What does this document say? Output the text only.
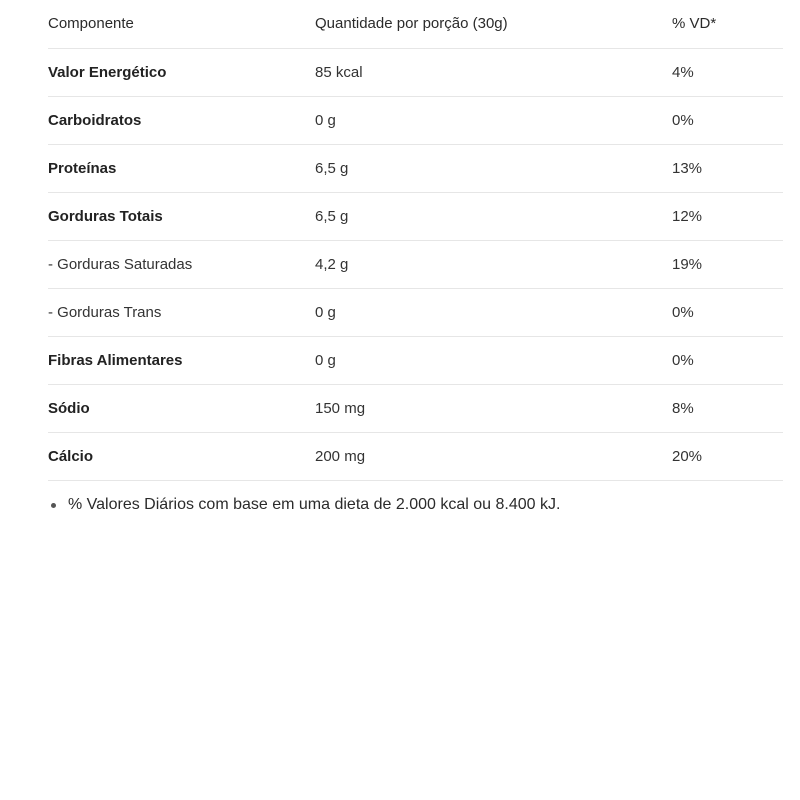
Componente	Quantidade por porção (30g)	% VD*
Valor Energético	85 kcal	4%
Carboidratos	0 g	0%
Proteínas	6,5 g	13%
Gorduras Totais	6,5 g	12%
- Gorduras Saturadas	4,2 g	19%
- Gorduras Trans	0 g	0%
Fibras Alimentares	0 g	0%
Sódio	150 mg	8%
Cálcio	200 mg	20%
% Valores Diários com base em uma dieta de 2.000 kcal ou 8.400 kJ.
